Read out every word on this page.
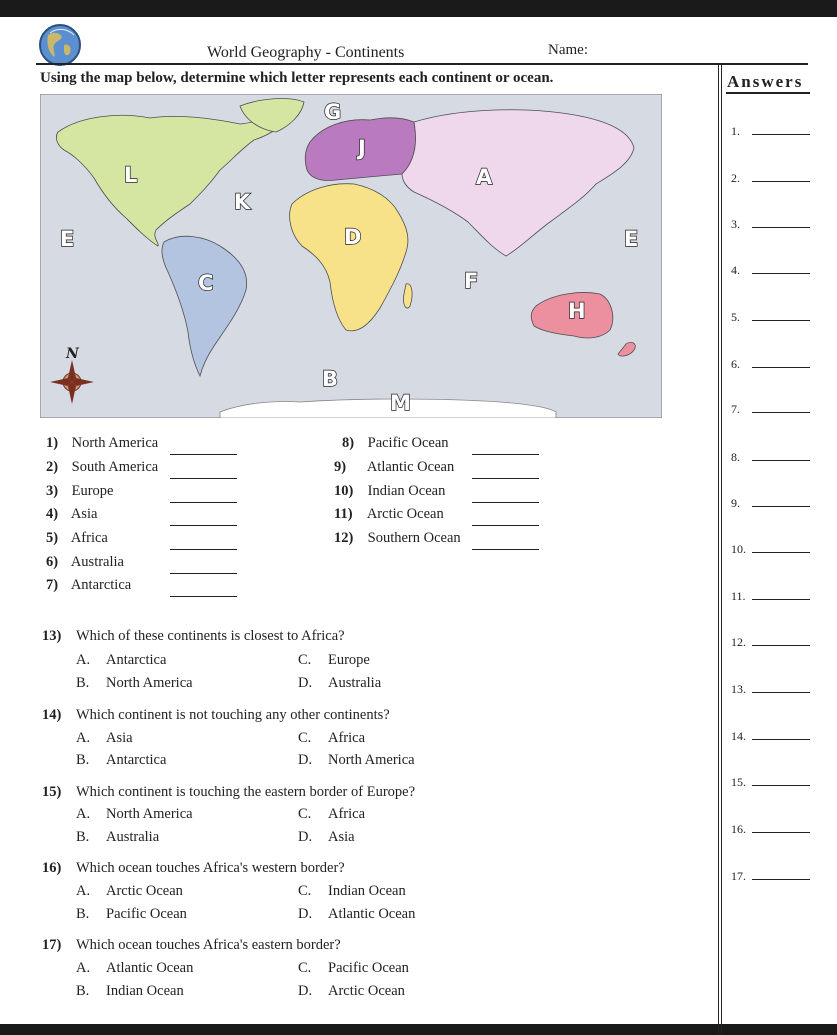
World Geography - Continents	Name:
Using the map below, determine which letter represents each continent or ocean.
N
G
J
L	A
K
E	D	E
C	F
H
B
M
1) North America
2) South America
3) Europe
4) Asia
5) Africa
6) Australia
7) Antarctica
8) Pacific Ocean
9) Atlantic Ocean
10) Indian Ocean
11) Arctic Ocean
12) Southern Ocean
13) Which of these continents is closest to Africa?
A. Antarctica	C. Europe
B. North America	D. Australia
14) Which continent is not touching any other continents?
A. Asia	C. Africa
B. Antarctica	D. North America
15) Which continent is touching the eastern border of Europe?
A. North America	C. Africa
B. Australia	D. Asia
16) Which ocean touches Africa's western border?
A. Arctic Ocean	C. Indian Ocean
B. Pacific Ocean	D. Atlantic Ocean
17) Which ocean touches Africa's eastern border?
A. Atlantic Ocean	C. Pacific Ocean
B. Indian Ocean	D. Arctic Ocean
Answers
1.
2.
3.
4.
5.
6.
7.
8.
9.
10.
11.
12.
13.
14.
15.
16.
17.
